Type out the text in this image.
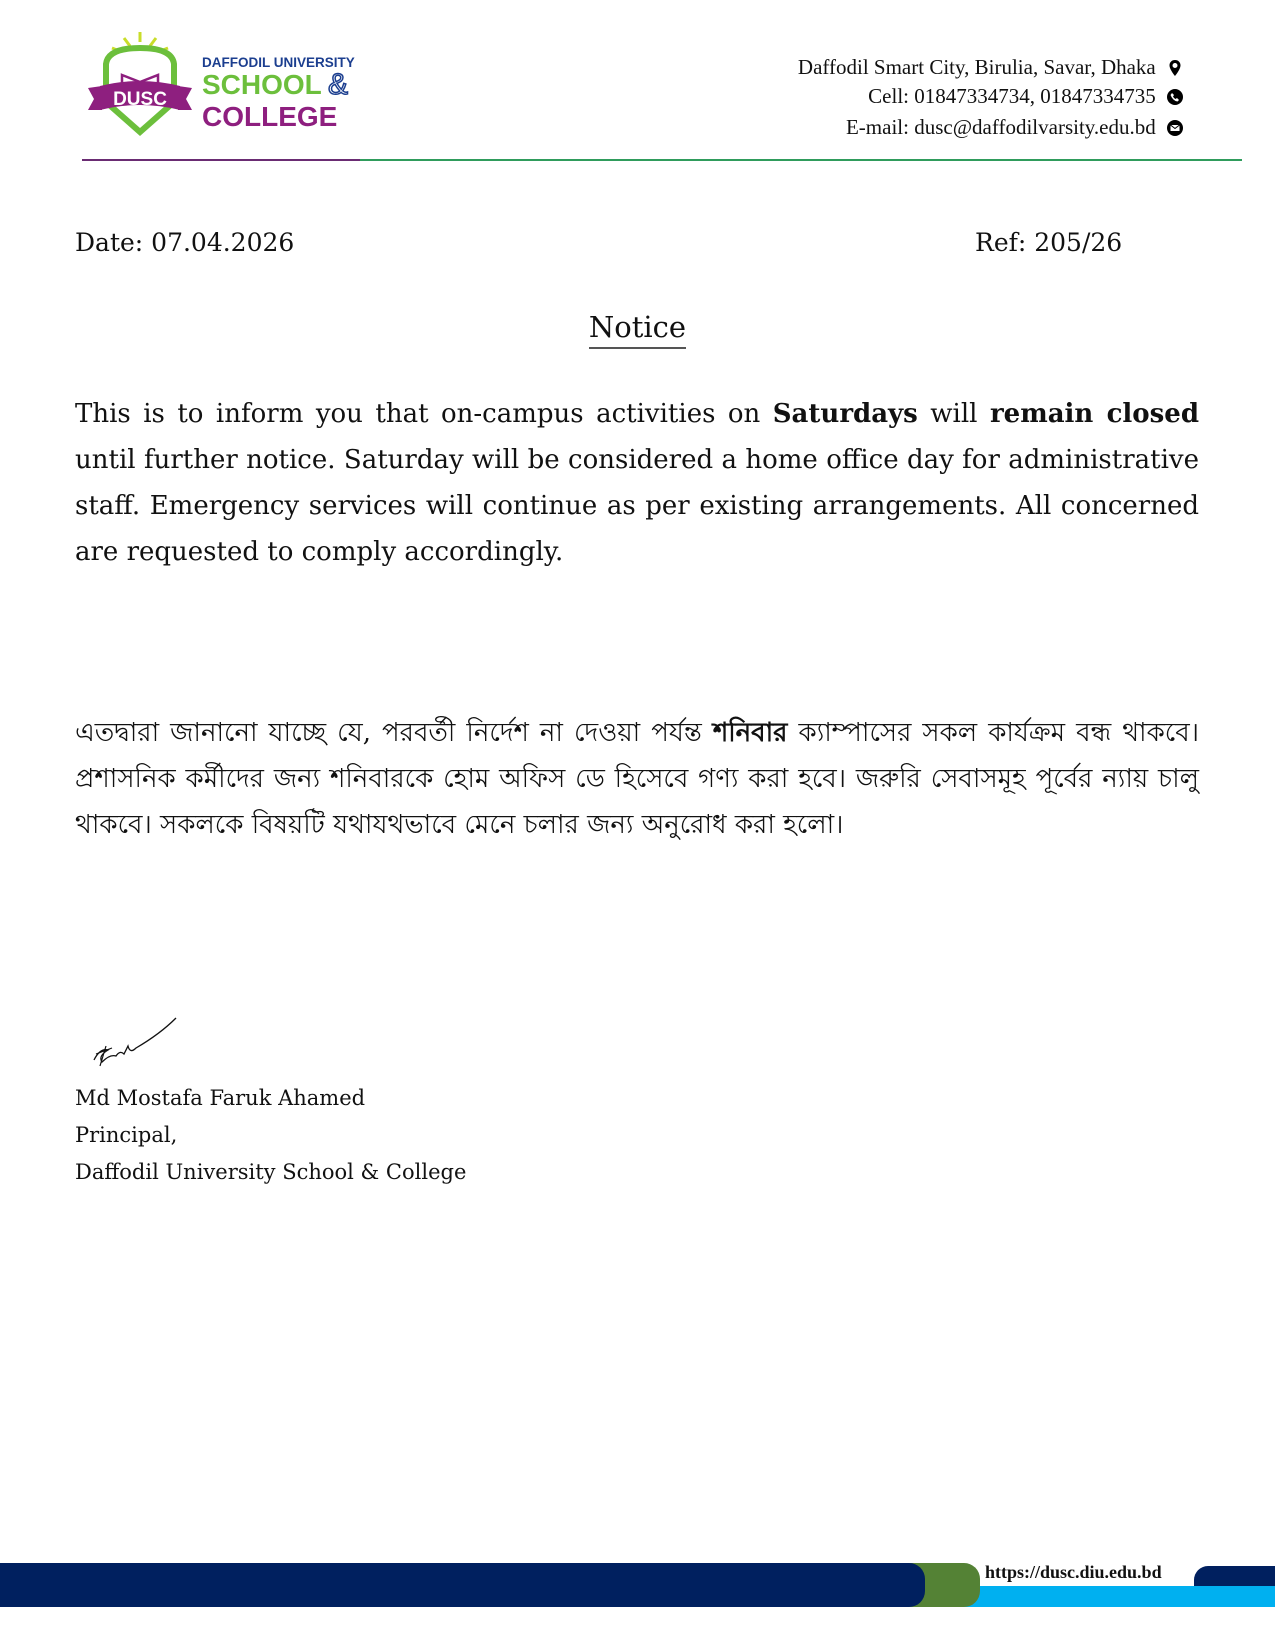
DUSC
DAFFODIL UNIVERSITY
SCHOOL &
COLLEGE
Daffodil Smart City, Birulia, Savar, Dhaka
Cell: 01847334734, 01847334735
E-mail: dusc@daffodilvarsity.edu.bd
Date: 07.04.2026	Ref: 205/26
Notice
This is to inform you that on-campus activities on Saturdays will remain closed until further notice. Saturday will be considered a home office day for administrative staff. Emergency services will continue as per existing arrangements. All concerned are requested to comply accordingly.
এতদ্বারা জানানো যাচ্ছে যে, পরবর্তী নির্দেশ না দেওয়া পর্যন্ত শনিবার ক্যাম্পাসের সকল কার্যক্রম বন্ধ থাকবে। প্রশাসনিক কর্মীদের জন্য শনিবারকে হোম অফিস ডে হিসেবে গণ্য করা হবে। জরুরি সেবাসমূহ পূর্বের ন্যায় চালু থাকবে। সকলকে বিষয়টি যথাযথভাবে মেনে চলার জন্য অনুরোধ করা হলো।
Md Mostafa Faruk Ahamed
Principal,
Daffodil University School & College
https://dusc.diu.edu.bd
